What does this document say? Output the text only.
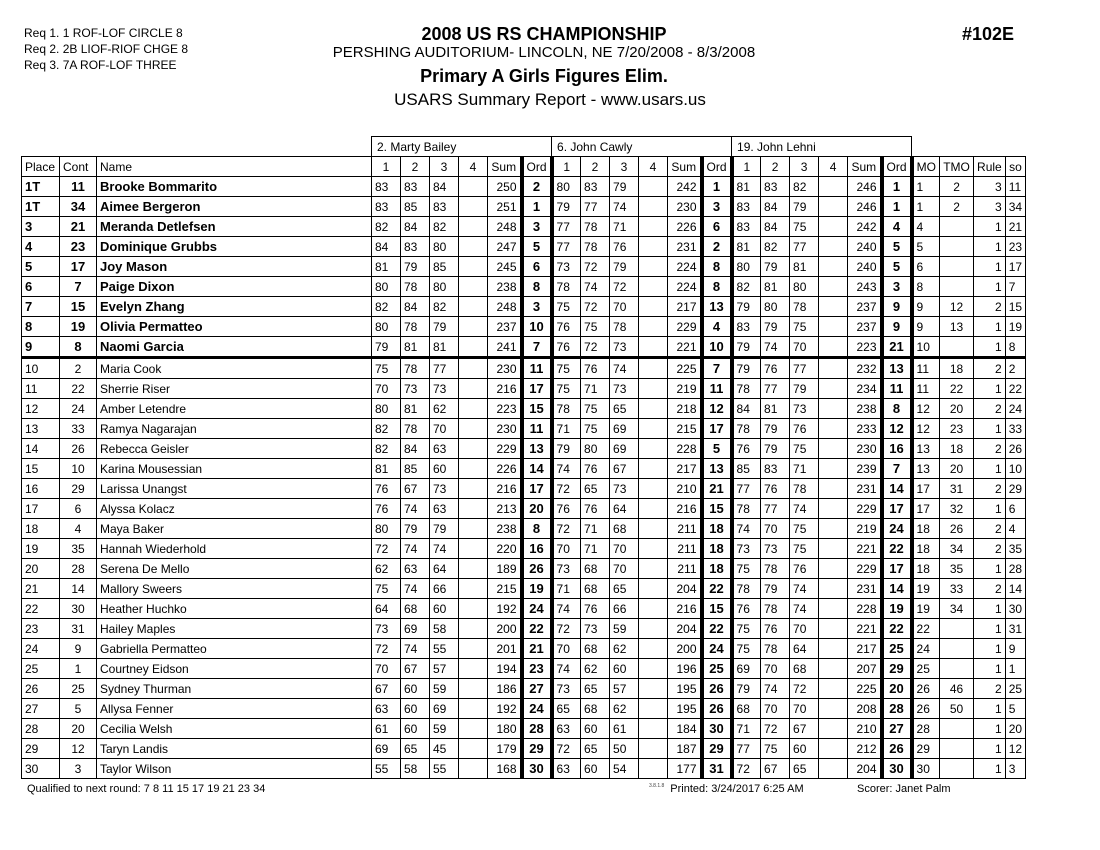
Req 1. 1 ROF-LOF CIRCLE 8
Req 2. 2B LIOF-RIOF CHGE 8
Req 3. 7A ROF-LOF THREE
2008 US RS CHAMPIONSHIP
PERSHING AUDITORIUM- LINCOLN, NE 7/20/2008 - 8/3/2008
Primary A Girls Figures Elim.
USARS Summary Report - www.usars.us
#102E
			2. Marty Bailey						6. John Cawly						19. John Lehni									
Place	Cont	Name	1	2	3	4	Sum	Ord	1	2	3	4	Sum	Ord	1	2	3	4	Sum	Ord	MO	TMO	Rule	so
1T	11	Brooke Bommarito	83	83	84		250	2	80	83	79		242	1	81	83	82		246	1	1	2	3	11
1T	34	Aimee Bergeron	83	85	83		251	1	79	77	74		230	3	83	84	79		246	1	1	2	3	34
3	21	Meranda Detlefsen	82	84	82		248	3	77	78	71		226	6	83	84	75		242	4	4		1	21
4	23	Dominique Grubbs	84	83	80		247	5	77	78	76		231	2	81	82	77		240	5	5		1	23
5	17	Joy Mason	81	79	85		245	6	73	72	79		224	8	80	79	81		240	5	6		1	17
6	7	Paige Dixon	80	78	80		238	8	78	74	72		224	8	82	81	80		243	3	8		1	7
7	15	Evelyn Zhang	82	84	82		248	3	75	72	70		217	13	79	80	78		237	9	9	12	2	15
8	19	Olivia Permatteo	80	78	79		237	10	76	75	78		229	4	83	79	75		237	9	9	13	1	19
9	8	Naomi Garcia	79	81	81		241	7	76	72	73		221	10	79	74	70		223	21	10		1	8
10	2	Maria Cook	75	78	77		230	11	75	76	74		225	7	79	76	77		232	13	11	18	2	2
11	22	Sherrie Riser	70	73	73		216	17	75	71	73		219	11	78	77	79		234	11	11	22	1	22
12	24	Amber Letendre	80	81	62		223	15	78	75	65		218	12	84	81	73		238	8	12	20	2	24
13	33	Ramya Nagarajan	82	78	70		230	11	71	75	69		215	17	78	79	76		233	12	12	23	1	33
14	26	Rebecca Geisler	82	84	63		229	13	79	80	69		228	5	76	79	75		230	16	13	18	2	26
15	10	Karina Mousessian	81	85	60		226	14	74	76	67		217	13	85	83	71		239	7	13	20	1	10
16	29	Larissa Unangst	76	67	73		216	17	72	65	73		210	21	77	76	78		231	14	17	31	2	29
17	6	Alyssa Kolacz	76	74	63		213	20	76	76	64		216	15	78	77	74		229	17	17	32	1	6
18	4	Maya Baker	80	79	79		238	8	72	71	68		211	18	74	70	75		219	24	18	26	2	4
19	35	Hannah Wiederhold	72	74	74		220	16	70	71	70		211	18	73	73	75		221	22	18	34	2	35
20	28	Serena De Mello	62	63	64		189	26	73	68	70		211	18	75	78	76		229	17	18	35	1	28
21	14	Mallory Sweers	75	74	66		215	19	71	68	65		204	22	78	79	74		231	14	19	33	2	14
22	30	Heather Huchko	64	68	60		192	24	74	76	66		216	15	76	78	74		228	19	19	34	1	30
23	31	Hailey Maples	73	69	58		200	22	72	73	59		204	22	75	76	70		221	22	22		1	31
24	9	Gabriella Permatteo	72	74	55		201	21	70	68	62		200	24	75	78	64		217	25	24		1	9
25	1	Courtney Eidson	70	67	57		194	23	74	62	60		196	25	69	70	68		207	29	25		1	1
26	25	Sydney Thurman	67	60	59		186	27	73	65	57		195	26	79	74	72		225	20	26	46	2	25
27	5	Allysa Fenner	63	60	69		192	24	65	68	62		195	26	68	70	70		208	28	26	50	1	5
28	20	Cecilia Welsh	61	60	59		180	28	63	60	61		184	30	71	72	67		210	27	28		1	20
29	12	Taryn Landis	69	65	45		179	29	72	65	50		187	29	77	75	60		212	26	29		1	12
30	3	Taylor Wilson	55	58	55		168	30	63	60	54		177	31	72	67	65		204	30	30		1	3
Qualified to next round: 7 8 11 15 17 19 21 23 34	$^{3.8.1.8}$ Printed: 3/24/2017 6:25 AM	Scorer: Janet Palm
